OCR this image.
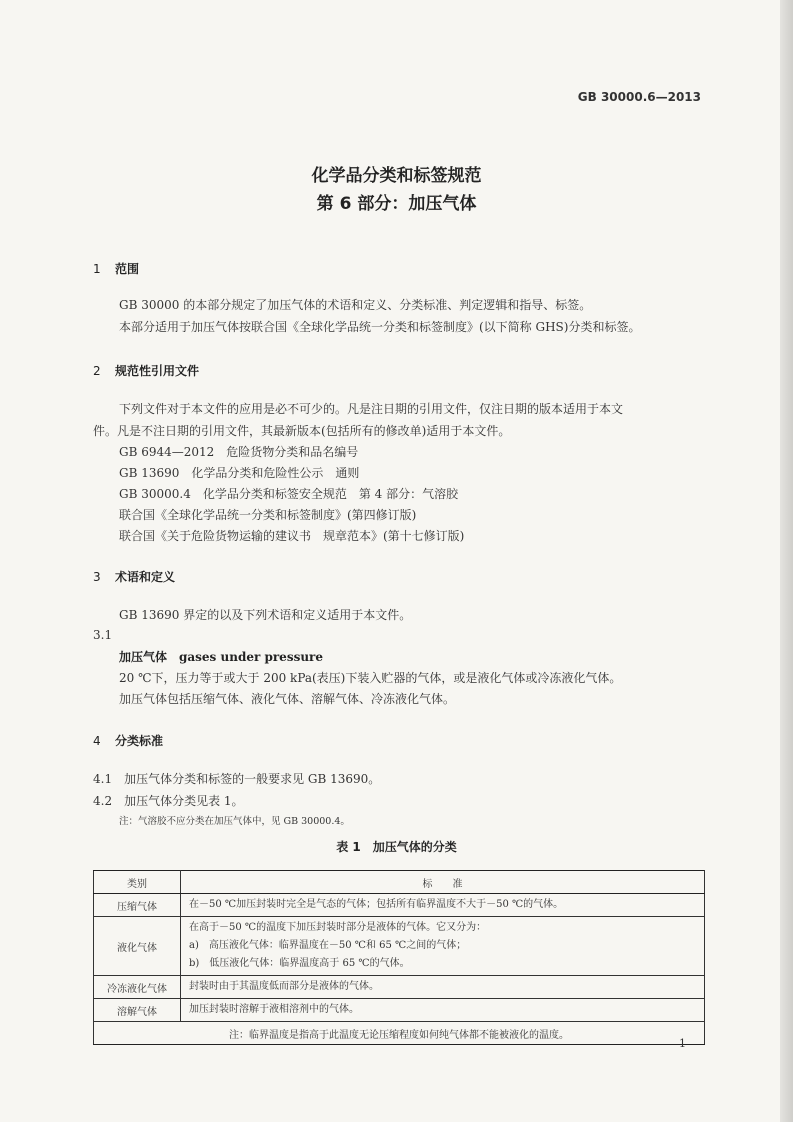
GB 30000.6—2013
化学品分类和标签规范
第 6 部分：加压气体
1 范围
GB 30000 的本部分规定了加压气体的术语和定义、分类标准、判定逻辑和指导、标签。
本部分适用于加压气体按联合国《全球化学品统一分类和标签制度》(以下简称 GHS)分类和标签。
2 规范性引用文件
下列文件对于本文件的应用是必不可少的。凡是注日期的引用文件，仅注日期的版本适用于本文
件。凡是不注日期的引用文件，其最新版本(包括所有的修改单)适用于本文件。
GB 6944—2012　危险货物分类和品名编号
GB 13690　化学品分类和危险性公示　通则
GB 30000.4　化学品分类和标签安全规范　第 4 部分：气溶胶
联合国《全球化学品统一分类和标签制度》(第四修订版)
联合国《关于危险货物运输的建议书　规章范本》(第十七修订版)
3 术语和定义
GB 13690 界定的以及下列术语和定义适用于本文件。
3.1
加压气体　gases under pressure
20 ℃下，压力等于或大于 200 kPa(表压)下装入贮器的气体，或是液化气体或冷冻液化气体。
加压气体包括压缩气体、液化气体、溶解气体、冷冻液化气体。
4 分类标准
4.1　加压气体分类和标签的一般要求见 GB 13690。
4.2　加压气体分类见表 1。
注：气溶胶不应分类在加压气体中，见 GB 30000.4。
表 1　加压气体的分类
类别	标　　准
压缩气体	在－50 ℃加压封装时完全是气态的气体；包括所有临界温度不大于－50 ℃的气体。

液化气体	在高于－50 ℃的温度下加压封装时部分是液体的气体。它又分为：
a)　高压液化气体：临界温度在－50 ℃和 65 ℃之间的气体；
b)　低压液化气体：临界温度高于 65 ℃的气体。

冷冻液化气体	封装时由于其温度低而部分是液体的气体。

溶解气体	加压封装时溶解于液相溶剂中的气体。

注：临界温度是指高于此温度无论压缩程度如何纯气体都不能被液化的温度。	
1
